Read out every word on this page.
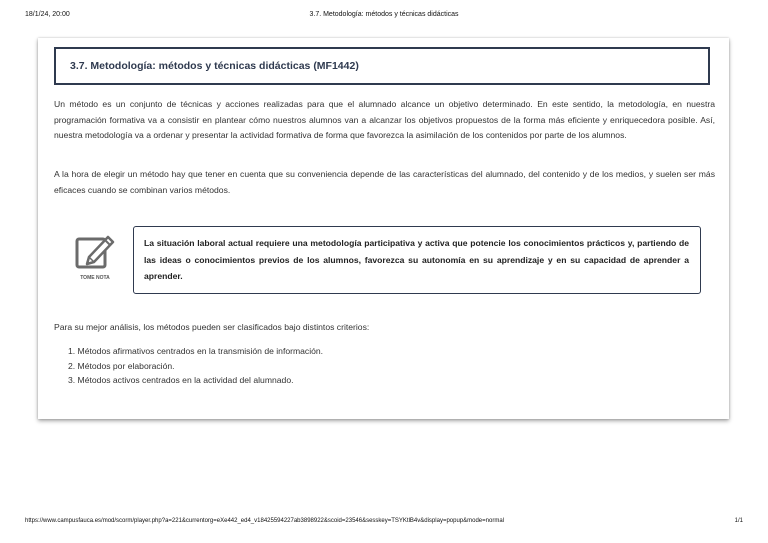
18/1/24, 20:00	3.7. Metodología: métodos y técnicas didácticas
3.7. Metodología: métodos y técnicas didácticas (MF1442)

Un método es un conjunto de técnicas y acciones realizadas para que el alumnado alcance un objetivo determinado. En este sentido, la metodología, en nuestra programación formativa va a consistir en plantear cómo nuestros alumnos van a alcanzar los objetivos propuestos de la forma más eficiente y enriquecedora posible. Así, nuestra metodología va a ordenar y presentar la actividad formativa de forma que favorezca la asimilación de los contenidos por parte de los alumnos.

A la hora de elegir un método hay que tener en cuenta que su conveniencia depende de las características del alumnado, del contenido y de los medios, y suelen ser más eficaces cuando se combinan varios métodos.

TOME NOTA

La situación laboral actual requiere una metodología participativa y activa que potencie los conocimientos prácticos y, partiendo de las ideas o conocimientos previos de los alumnos, favorezca su autonomía en su aprendizaje y en su capacidad de aprender a aprender.

Para su mejor análisis, los métodos pueden ser clasificados bajo distintos criterios:

1. Métodos afirmativos centrados en la transmisión de información.
2. Métodos por elaboración.
3. Métodos activos centrados en la actividad del alumnado.
https://www.campusfauca.es/mod/scorm/player.php?a=221&currentorg=eXe442_ed4_v18425594227ab3898922&scoid=23546&sesskey=TSYKtlB4v&display=popup&mode=normal	1/1
